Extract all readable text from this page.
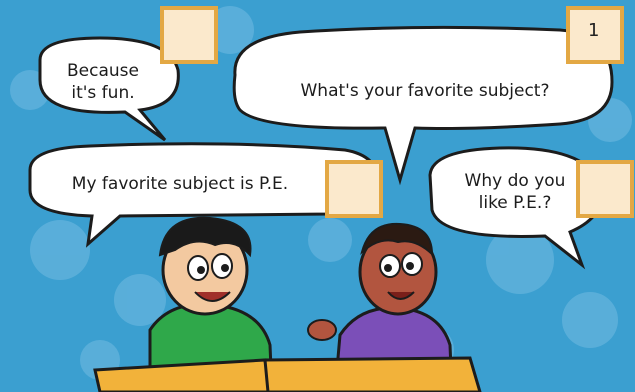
1
Because
it's fun.	What's your favorite subject?
My favorite subject is P.E.	Why do you
like P.E.?
